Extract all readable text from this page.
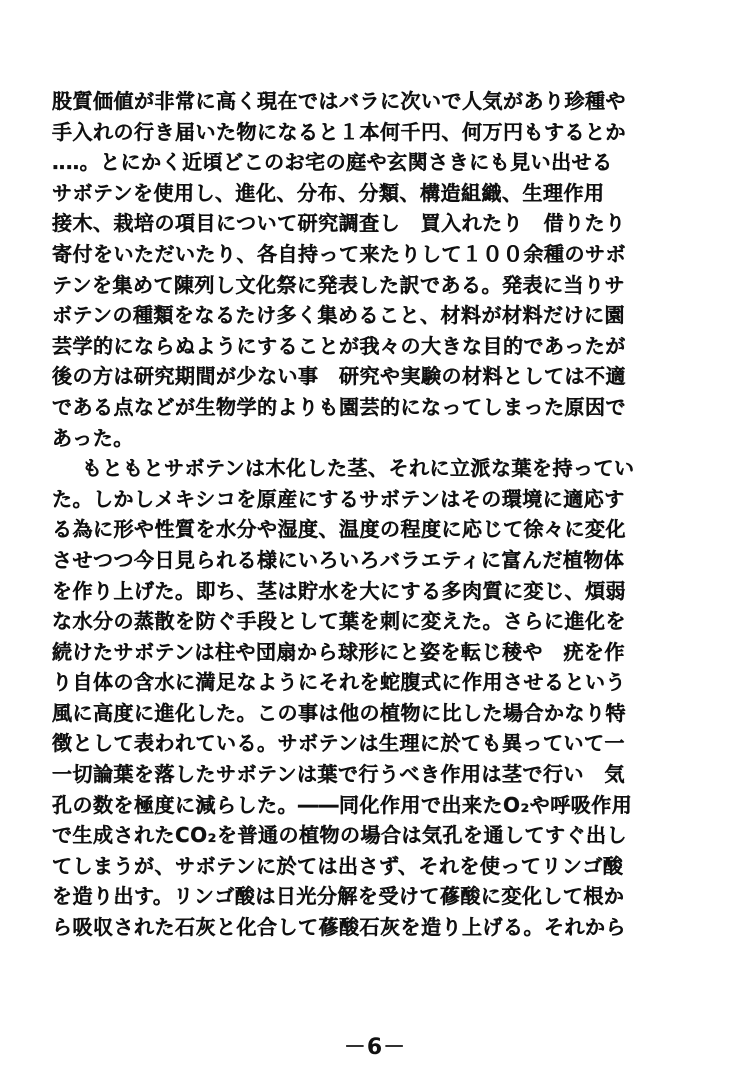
股質価値が非常に高く現在ではバラに次いで人気があり珍種や
手入れの行き届いた物になると１本何千円、何万円もするとか
‥‥。とにかく近頃どこのお宅の庭や玄関さきにも見い出せる
サボテンを使用し、進化、分布、分類、構造組織、生理作用
接木、栽培の項目について研究調査し　買入れたり　借りたり
寄付をいただいたり、各自持って来たりして１００余種のサボ
テンを集めて陳列し文化祭に発表した訳である。発表に当りサ
ボテンの種類をなるたけ多く集めること、材料が材料だけに園
芸学的にならぬようにすることが我々の大きな目的であったが
後の方は研究期間が少ない事　研究や実験の材料としては不適
である点などが生物学的よりも園芸的になってしまった原因で
あった。
もともとサボテンは木化した茎、それに立派な葉を持ってい
た。しかしメキシコを原産にするサボテンはその環境に適応す
る為に形や性質を水分や湿度、温度の程度に応じて徐々に変化
させつつ今日見られる様にいろいろバラエティに富んだ植物体
を作り上げた。即ち、茎は貯水を大にする多肉質に変じ、煩弱
な水分の蒸散を防ぐ手段として葉を刺に変えた。さらに進化を
続けたサボテンは柱や団扇から球形にと姿を転じ稜や　疣を作
り自体の含水に満足なようにそれを蛇腹式に作用させるという
風に高度に進化した。この事は他の植物に比した場合かなり特
徴として表われている。サボテンは生理に於ても異っていて一
一切論葉を落したサボテンは葉で行うべき作用は茎で行い　気
孔の数を極度に減らした。――同化作用で出来たO₂や呼吸作用
で生成されたCO₂を普通の植物の場合は気孔を通してすぐ出し
てしまうが、サボテンに於ては出さず、それを使ってリンゴ酸
を造り出す。リンゴ酸は日光分解を受けて蓚酸に変化して根か
ら吸収された石灰と化合して蓚酸石灰を造り上げる。それから
－6－
